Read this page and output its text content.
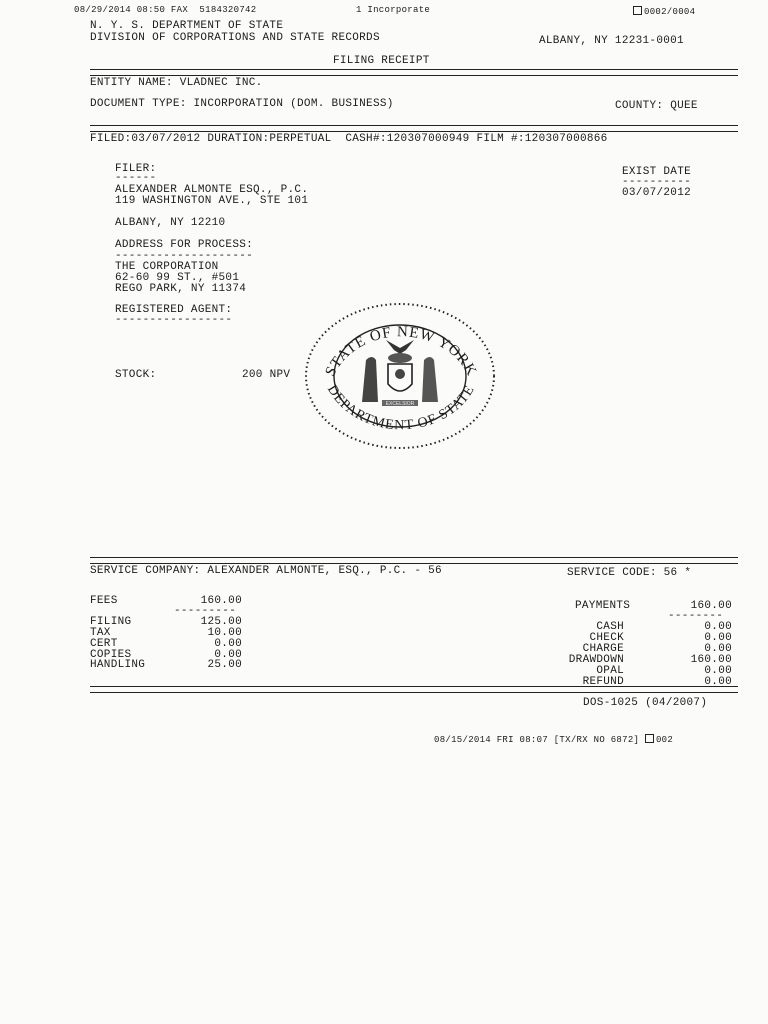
08/29/2014 08:50 FAX  5184320742	1 Incorporate	0002/0004
N. Y. S. DEPARTMENT OF STATE
DIVISION OF CORPORATIONS AND STATE RECORDS	ALBANY, NY 12231-0001
FILING RECEIPT
ENTITY NAME: VLADNEC INC.
DOCUMENT TYPE: INCORPORATION (DOM. BUSINESS)	COUNTY: QUEE
FILED:03/07/2012 DURATION:PERPETUAL  CASH#:120307000949 FILM #:120307000866
FILER:
------
ALEXANDER ALMONTE ESQ., P.C.
119 WASHINGTON AVE., STE 101
ALBANY, NY 12210
EXIST DATE
----------
03/07/2012
ADDRESS FOR PROCESS:
--------------------
THE CORPORATION
62-60 99 ST., #501
REGO PARK, NY 11374
REGISTERED AGENT:
-----------------
STOCK:	200 NPV STATE OF NEW YORK
DEPARTMENT OF STATE
EXCELSIOR
SERVICE COMPANY: ALEXANDER ALMONTE, ESQ., P.C. - 56	SERVICE CODE: 56 *
FEES	160.00
---------
FILING	125.00
TAX	10.00
CERT	0.00
COPIES	0.00
HANDLING	25.00
PAYMENTS	160.00
--------
CASH	0.00
CHECK	0.00
CHARGE	0.00
DRAWDOWN	160.00
OPAL	0.00
REFUND	0.00
DOS-1025 (04/2007)
08/15/2014 FRI 08:07 [TX/RX NO 6872] 002
